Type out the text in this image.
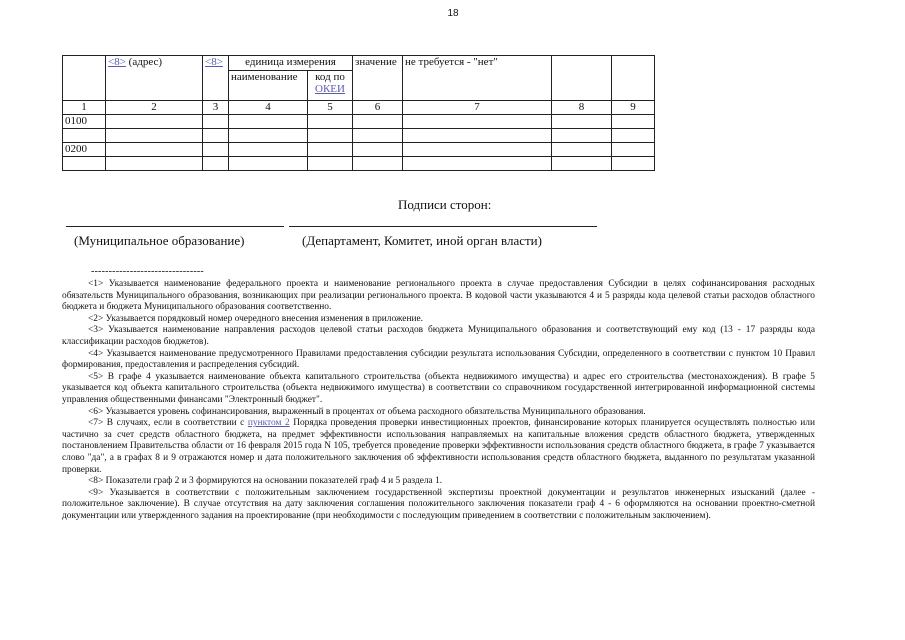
18
	<8> (адрес)	<8>	единица измерения		значение	не требуется - "нет"		
			наименование	код по
ОКЕИ				
1	2	3	4	5	6	7	8	9
0100								

0200								

Подписи сторон:
(Муниципальное образование)	(Департамент, Комитет, иной орган власти)
--------------------------------

<1> Указывается наименование федерального проекта и наименование регионального проекта в случае предоставления Субсидии в целях софинансирования расходных обязательств Муниципального образования, возникающих при реализации регионального проекта. В кодовой части указываются 4 и 5 разряды кода целевой статьи расходов областного бюджета и бюджета Муниципального образования соответственно.

<2> Указывается порядковый номер очередного внесения изменения в приложение.

<3> Указывается наименование направления расходов целевой статьи расходов бюджета Муниципального образования и соответствующий ему код (13 - 17 разряды кода классификации расходов бюджетов).

<4> Указывается наименование предусмотренного Правилами предоставления субсидии результата использования Субсидии, определенного в соответствии с пунктом 10 Правил формирования, предоставления и распределения субсидий.

<5> В графе 4 указывается наименование объекта капитального строительства (объекта недвижимого имущества) и адрес его строительства (местонахождения). В графе 5 указывается код объекта капитального строительства (объекта недвижимого имущества) в соответствии со справочником государственной интегрированной информационной системы управления общественными финансами "Электронный бюджет".

<6> Указывается уровень софинансирования, выраженный в процентах от объема расходного обязательства Муниципального образования.

<7> В случаях, если в соответствии с пунктом 2 Порядка проведения проверки инвестиционных проектов, финансирование которых планируется осуществлять полностью или частично за счет средств областного бюджета, на предмет эффективности использования направляемых на капитальные вложения средств областного бюджета, утвержденных постановлением Правительства области от 16 февраля 2015 года N 105, требуется проведение проверки эффективности использования средств областного бюджета, в графе 7 указывается слово "да", а в графах 8 и 9 отражаются номер и дата положительного заключения об эффективности использования средств областного бюджета, выданного по результатам указанной проверки.

<8> Показатели граф 2 и 3 формируются на основании показателей граф 4 и 5 раздела 1.

<9> Указывается в соответствии с положительным заключением государственной экспертизы проектной документации и результатов инженерных изысканий (далее - положительное заключение). В случае отсутствия на дату заключения соглашения положительного заключения показатели граф 4 - 6 оформляются на основании проектно-сметной документации или утвержденного задания на проектирование (при необходимости с последующим приведением в соответствии с положительным заключением).
